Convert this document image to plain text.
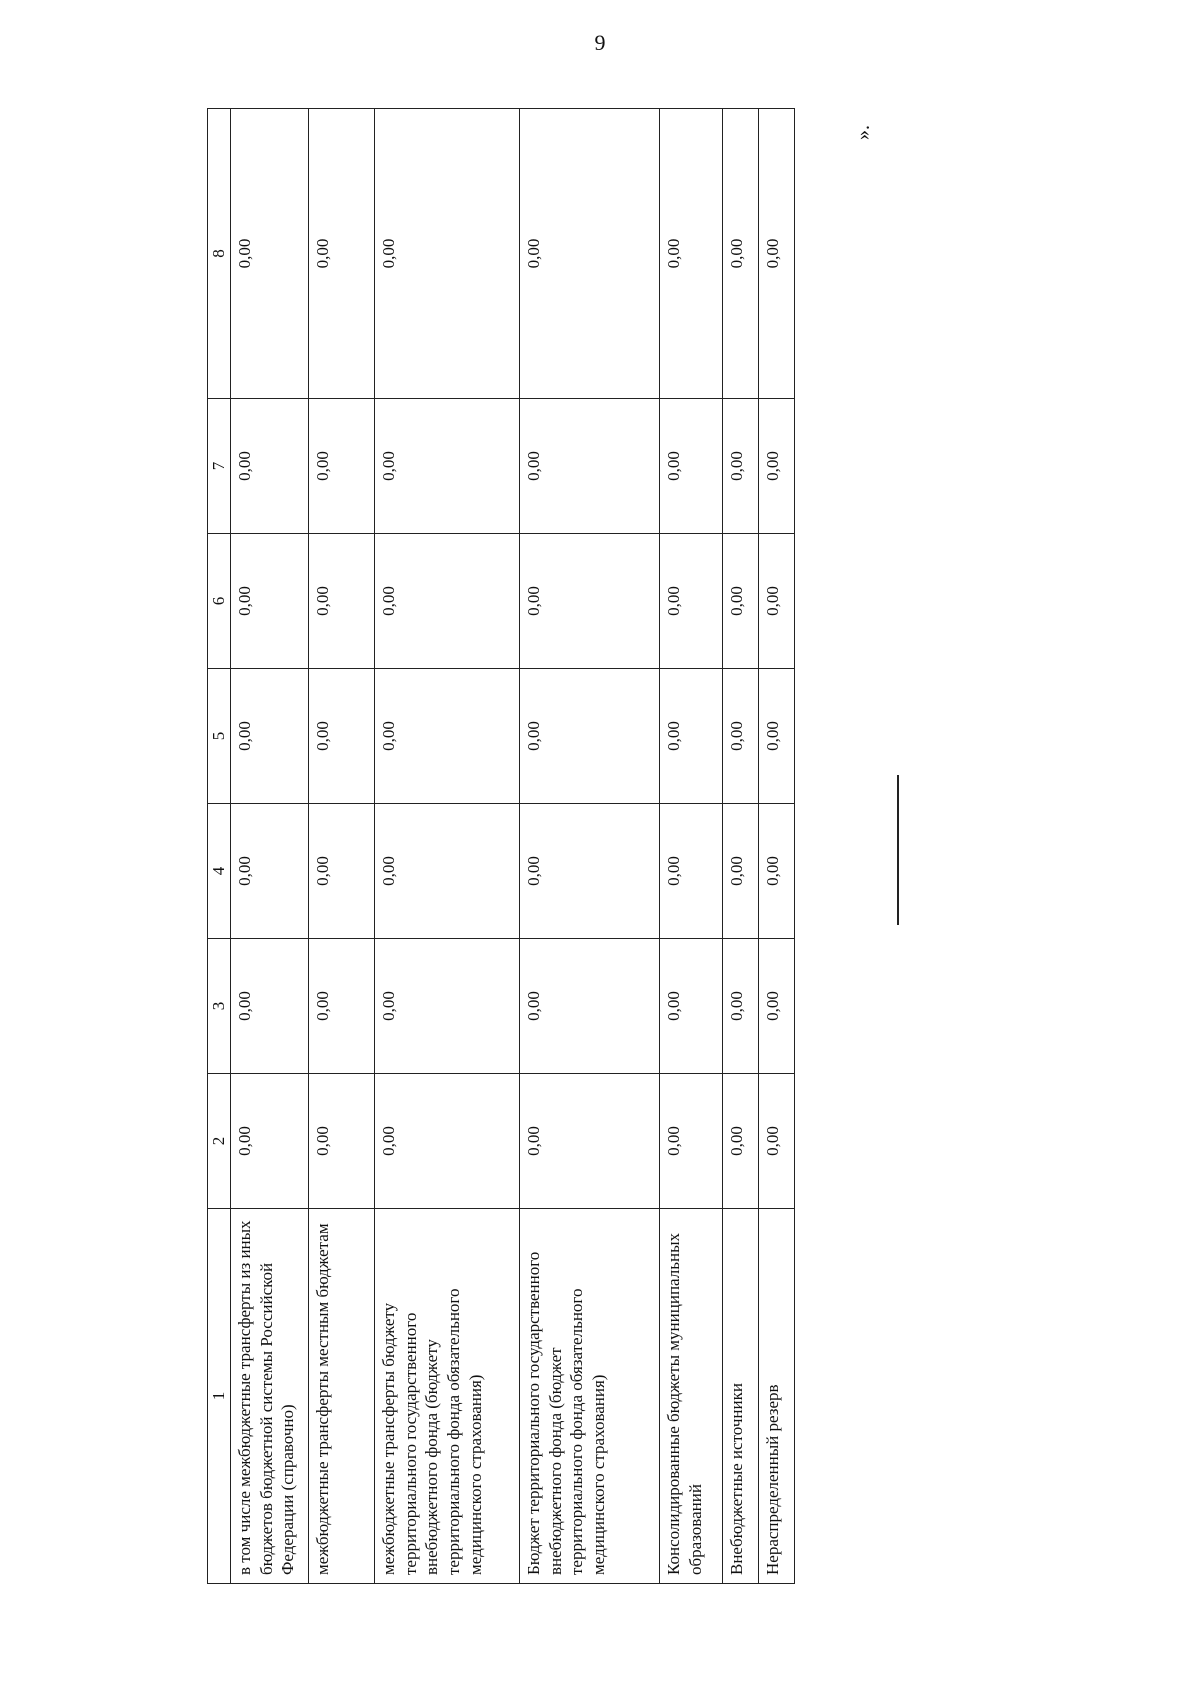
9
1	2	3	4	5	6	7	8
в том числе межбюджетные трансферты из иных бюджетов бюджетной системы Российской Федерации (справочно)	0,00	0,00	0,00	0,00	0,00	0,00	0,00
межбюджетные трансферты местным бюджетам	0,00	0,00	0,00	0,00	0,00	0,00	0,00
межбюджетные трансферты бюджету территориального государственного внебюджетного фонда (бюджету территориального фонда обязательного медицинского страхования)	0,00	0,00	0,00	0,00	0,00	0,00	0,00
Бюджет территориального государственного внебюджетного фонда (бюджет территориального фонда обязательного медицинского страхования)	0,00	0,00	0,00	0,00	0,00	0,00	0,00
Консолидированные бюджеты муниципальных образований	0,00	0,00	0,00	0,00	0,00	0,00	0,00
Внебюджетные источники	0,00	0,00	0,00	0,00	0,00	0,00	0,00
Нераспределенный резерв	0,00	0,00	0,00	0,00	0,00	0,00	0,00
».
